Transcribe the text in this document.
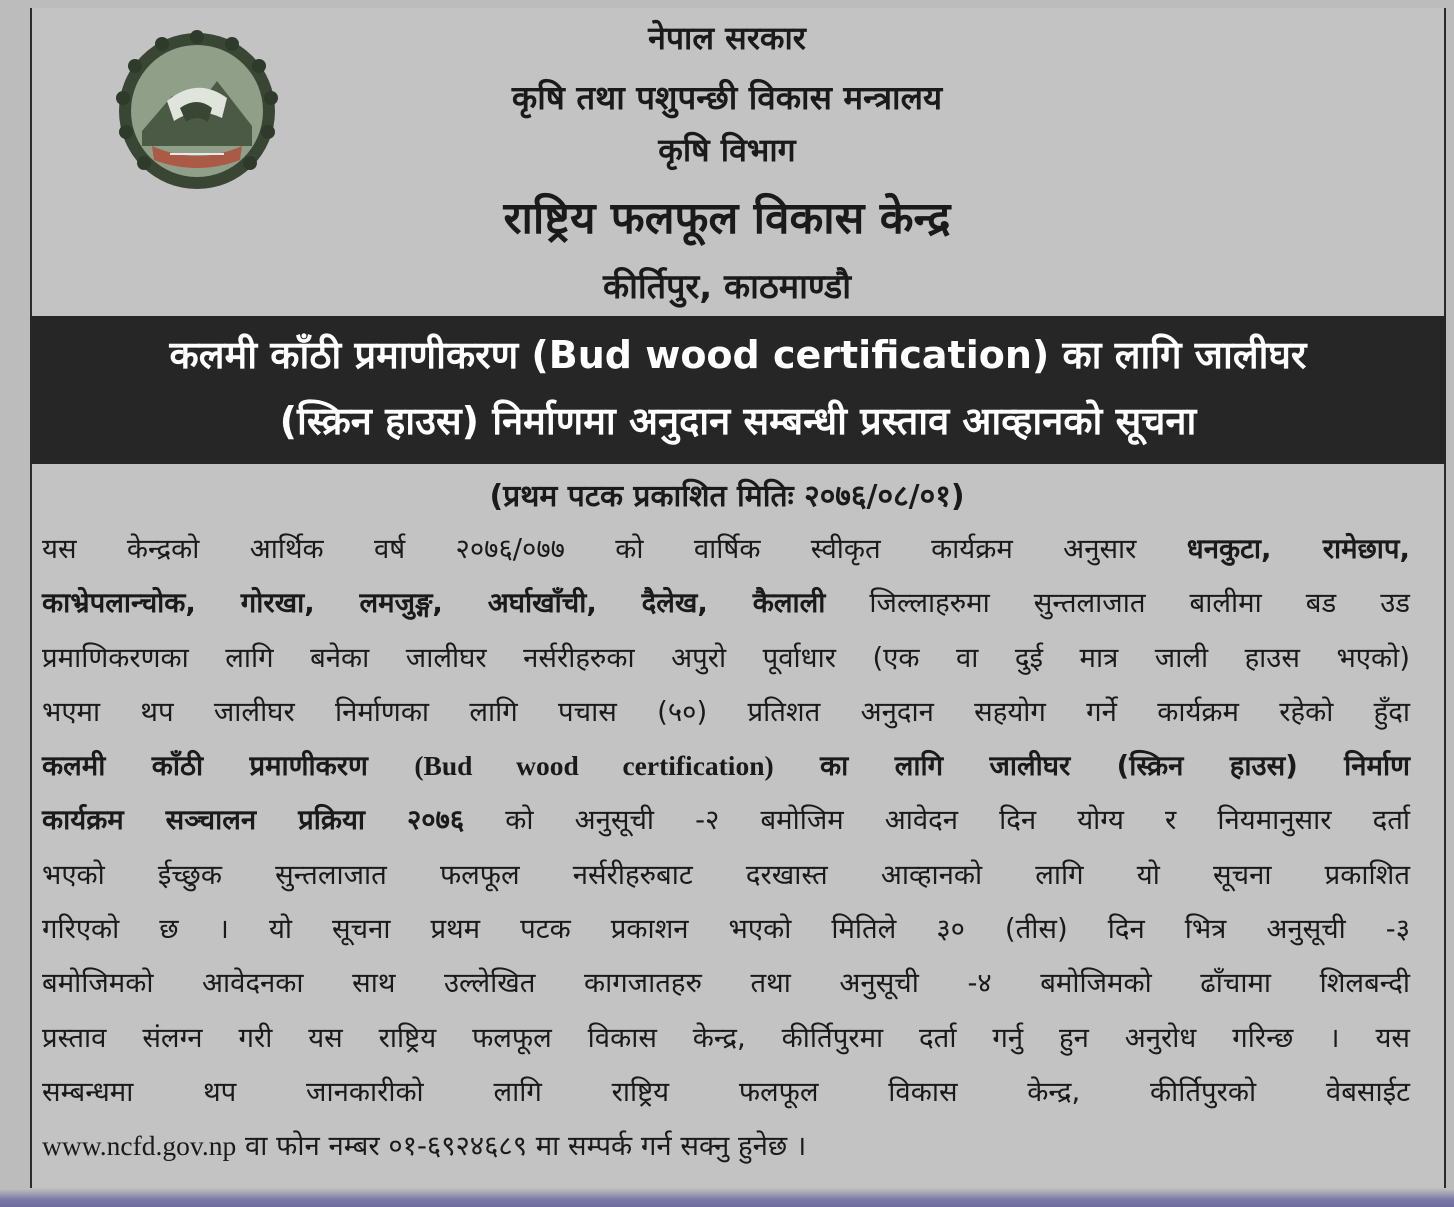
नेपाल सरकार
कृषि तथा पशुपन्छी विकास मन्त्रालय
कृषि विभाग
राष्ट्रिय फलफूल विकास केन्द्र
कीर्तिपुर, काठमाण्डौ
कलमी काँठी प्रमाणीकरण (Bud wood certification) का लागि जालीघर
(स्क्रिन हाउस) निर्माणमा अनुदान सम्बन्धी प्रस्ताव आव्हानको सूचना
(प्रथम पटक प्रकाशित मितिः २०७६/०८/०१)
यस केन्द्रको आर्थिक वर्ष २०७६/०७७ को वार्षिक स्वीकृत कार्यक्रम अनुसार धनकुटा, रामेछाप,
काभ्रेपलान्चोक, गोरखा, लमजुङ्ग, अर्घाखाँची, दैलेख, कैलाली जिल्लाहरुमा सुन्तलाजात बालीमा बड उड
प्रमाणिकरणका लागि बनेका जालीघर नर्सरीहरुका अपुरो पूर्वाधार (एक वा दुई मात्र जाली हाउस भएको)
भएमा थप जालीघर निर्माणका लागि पचास (५०) प्रतिशत अनुदान सहयोग गर्ने कार्यक्रम रहेको हुँदा
कलमी काँठी प्रमाणीकरण (Bud wood certification) का लागि जालीघर (स्क्रिन हाउस) निर्माण
कार्यक्रम सञ्चालन प्रक्रिया २०७६ को अनुसूची -२ बमोजिम आवेदन दिन योग्य र नियमानुसार दर्ता
भएको ईच्छुक सुन्तलाजात फलफूल नर्सरीहरुबाट दरखास्त आव्हानको लागि यो सूचना प्रकाशित
गरिएको छ । यो सूचना प्रथम पटक प्रकाशन भएको मितिले ३० (तीस) दिन भित्र अनुसूची -३
बमोजिमको आवेदनका साथ उल्लेखित कागजातहरु तथा अनुसूची -४ बमोजिमको ढाँचामा शिलबन्दी
प्रस्ताव संलग्न गरी यस राष्ट्रिय फलफूल विकास केन्द्र, कीर्तिपुरमा दर्ता गर्नु हुन अनुरोध गरिन्छ । यस
सम्बन्धमा थप जानकारीको लागि राष्ट्रिय फलफूल विकास केन्द्र, कीर्तिपुरको वेबसाईट
www.ncfd.gov.np वा फोन नम्बर ०१-६९२४६८९ मा सम्पर्क गर्न सक्नु हुनेछ ।
